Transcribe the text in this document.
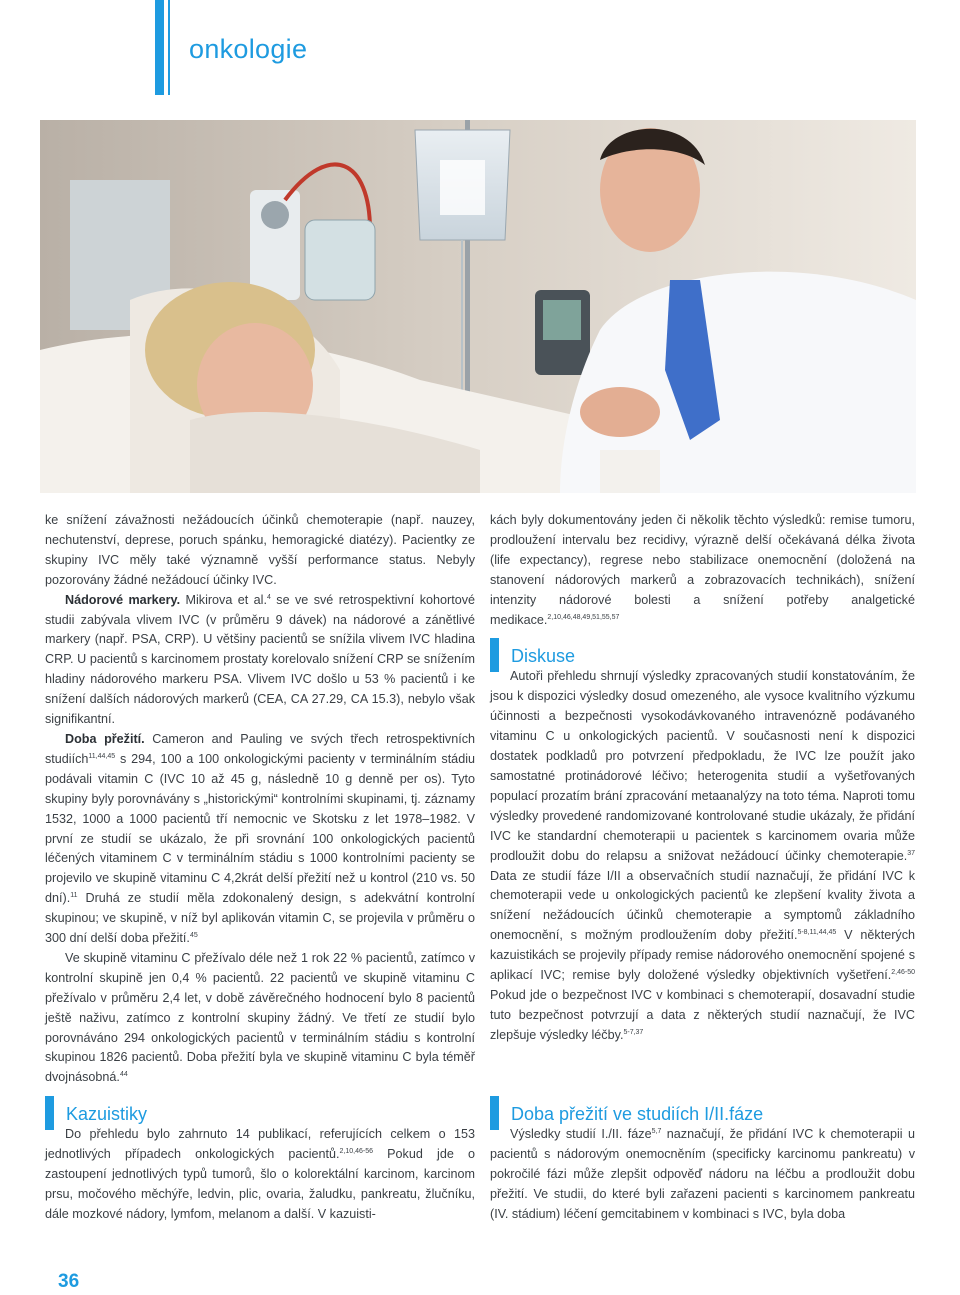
onkologie

ke snížení závažnosti nežádoucích účinků chemoterapie (např. nauzey, nechutenství, deprese, poruch spánku, hemoragické diatézy). Pacientky ze skupiny IVC měly také významně vyšší performance status. Nebyly pozorovány žádné nežádoucí účinky IVC.

Nádorové markery. Mikirova et al.$^4$ se ve své retrospektivní kohortové studii zabývala vlivem IVC (v průměru 9 dávek) na nádorové a zánětlivé markery (např. PSA, CRP). U většiny pacientů se snížila vlivem IVC hladina CRP. U pacientů s karcinomem prostaty korelovalo snížení CRP se snížením hladiny nádorového markeru PSA. Vlivem IVC došlo u 53 % pacientů i ke snížení dalších nádorových markerů (CEA, CA 27.29, CA 15.3), nebylo však signifikantní.

Doba přežití. Cameron and Pauling ve svých třech retrospektivních studiích$^{11,44,45}$ s 294, 100 a 100 onkologickými pacienty v terminálním stádiu podávali vitamin C (IVC 10 až 45 g, následně 10 g denně per os). Tyto skupiny byly porovnávány s „historickými“ kontrolními skupinami, tj. záznamy 1532, 1000 a 1000 pacientů tří nemocnic ve Skotsku z let 1978–1982. V první ze studií se ukázalo, že při srovnání 100 onkologických pacientů léčených vitaminem C v terminálním stádiu s 1000 kontrolními pacienty se projevilo ve skupině vitaminu C 4,2krát delší přežití než u kontrol (210 vs. 50 dní).$^{11}$ Druhá ze studií měla zdokonalený design, s adekvátní kontrolní skupinou; ve skupině, v níž byl aplikován vitamin C, se projevila v průměru o 300 dní delší doba přežití.$^{45}$

Ve skupině vitaminu C přežívalo déle než 1 rok 22 % pacientů, zatímco v kontrolní skupině jen 0,4 % pacientů. 22 pacientů ve skupině vitaminu C přežívalo v průměru 2,4 let, v době závěrečného hodnocení bylo 8 pacientů ještě naživu, zatímco z kontrolní skupiny žádný. Ve třetí ze studií bylo porovnáváno 294 onkologických pacientů v terminálním stádiu s kontrolní skupinou 1826 pacientů. Doba přežití byla ve skupině vitaminu C byla téměř dvojnásobná.$^{44}$

kách byly dokumentovány jeden či několik těchto výsledků: remise tumoru, prodloužení intervalu bez recidivy, výrazně delší očekávaná délka života (life expectancy), regrese nebo stabilizace onemocnění (doložená na stanovení nádorových markerů a zobrazovacích technikách), snížení intenzity nádorové bolesti a snížení potřeby analgetické medikace.$^{2,10,46,48,49,51,55,57}$

Diskuse

Autoři přehledu shrnují výsledky zpracovaných studií konstatováním, že jsou k dispozici výsledky dosud omezeného, ale vysoce kvalitního výzkumu účinnosti a bezpečnosti vysokodávkovaného intravenózně podávaného vitaminu C u onkologických pacientů. V současnosti není k dispozici dostatek podkladů pro potvrzení předpokladu, že IVC lze použít jako samostatné protinádorové léčivo; heterogenita studií a vyšetřovaných populací prozatím brání zpracování metaanalýzy na toto téma. Naproti tomu výsledky provedené randomizované kontrolované studie ukázaly, že přidání IVC ke standardní chemoterapii u pacientek s karcinomem ovaria může prodloužit dobu do relapsu a snižovat nežádoucí účinky chemoterapie.$^{37}$ Data ze studií fáze I/II a observačních studií naznačují, že přidání IVC k chemoterapii vede u onkologických pacientů ke zlepšení kvality života a snížení nežádoucích účinků chemoterapie a symptomů základního onemocnění, s možným prodloužením doby přežití.$^{5-8,11,44,45}$ V některých kazuistikách se projevily případy remise nádorového onemocnění spojené s aplikací IVC; remise byly doložené výsledky objektivních vyšetření.$^{2,46-50}$ Pokud jde o bezpečnost IVC v kombinaci s chemoterapií, dosavadní studie tuto bezpečnost potvrzují a data z některých studií naznačují, že IVC zlepšuje výsledky léčby.$^{5-7,37}$

Kazuistiky

Do přehledu bylo zahrnuto 14 publikací, referujících celkem o 153 jednotlivých případech onkologických pacientů.$^{2,10,46-56}$ Pokud jde o zastoupení jednotlivých typů tumorů, šlo o kolorektální karcinom, karcinom prsu, močového měchýře, ledvin, plic, ovaria, žaludku, pankreatu, žlučníku, dále mozkové nádory, lymfom, melanom a další. V kazuisti-

Doba přežití ve studiích I/II.fáze

Výsledky studií I./II. fáze$^{5,7}$ naznačují, že přidání IVC k chemoterapii u pacientů s nádorovým onemocněním (specificky karcinomu pankreatu) v pokročilé fázi může zlepšit odpověď nádoru na léčbu a prodloužit dobu přežití. Ve studii, do které byli zařazeni pacienti s karcinomem pankreatu (IV. stádium) léčení gemcitabinem v kombinaci s IVC, byla doba

36
